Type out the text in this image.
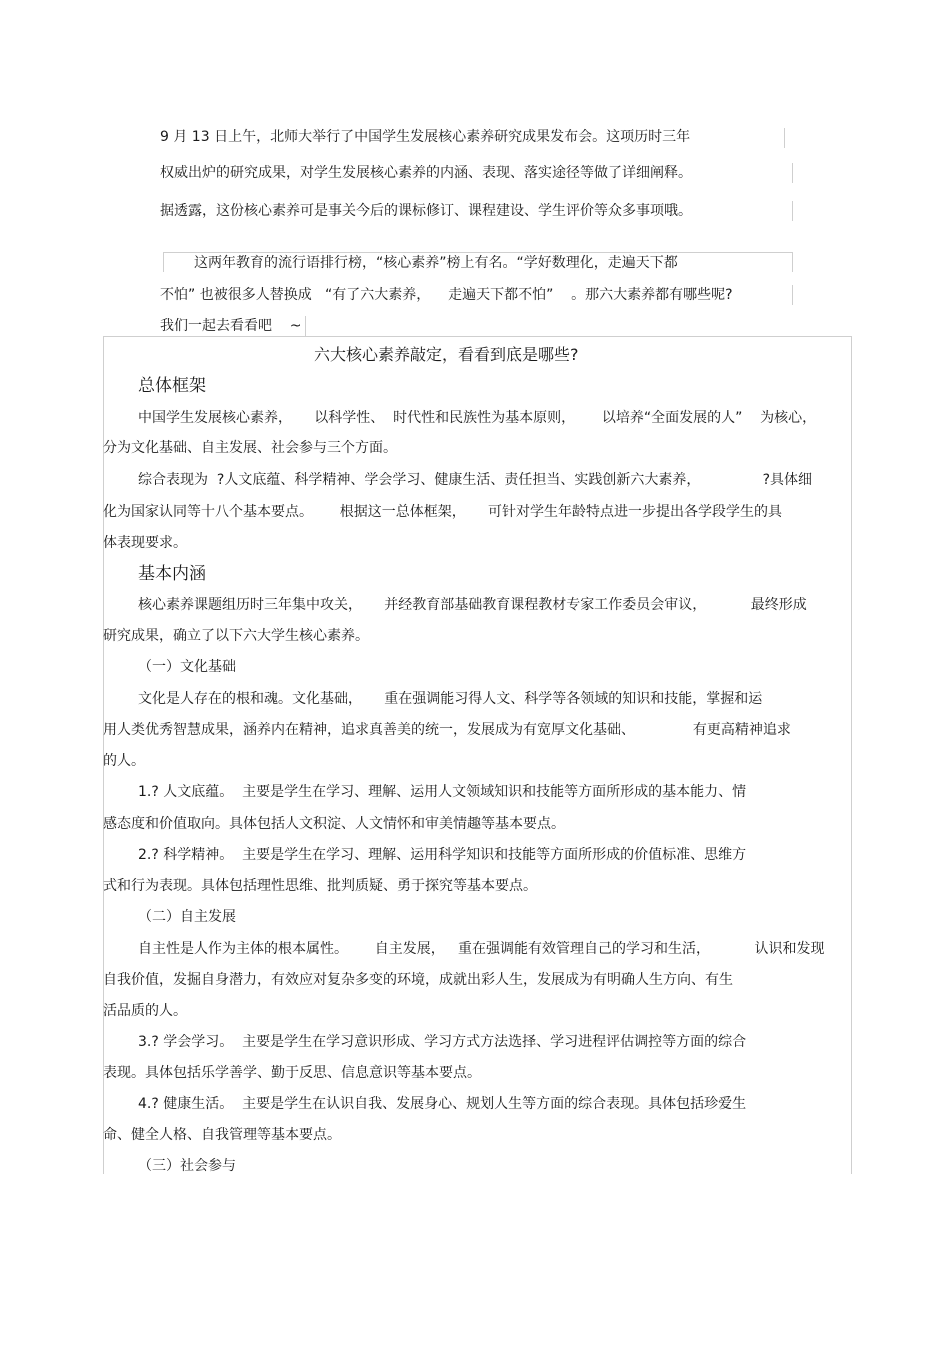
9 月 13 日上午，北师大举行了中国学生发展核心素养研究成果发布会。这项历时三年
权威出炉的研究成果，对学生发展核心素养的内涵、表现、落实途径等做了详细阐释。
据透露，这份核心素养可是事关今后的课标修订、课程建设、学生评价等众多事项哦。
这两年教育的流行语排行榜，“核心素养”榜上有名。“学好数理化，走遍天下都
不怕” 也被很多人替换成   “有了六大素养，    走遍天下都不怕”    。那六大素养都有哪些呢?
我们一起去看看吧    ~
六大核心素养敲定，看看到底是哪些?
总体框架
中国学生发展核心素养，     以科学性、  时代性和民族性为基本原则，      以培养“全面发展的人”    为核心，
分为文化基础、自主发展、社会参与三个方面。
综合表现为  ?人文底蕴、科学精神、学会学习、健康生活、责任担当、实践创新六大素养，              ?具体细
化为国家认同等十八个基本要点。      根据这一总体框架，     可针对学生年龄特点进一步提出各学段学生的具
体表现要求。
基本内涵
核心素养课题组历时三年集中攻关，     并经教育部基础教育课程教材专家工作委员会审议，          最终形成
研究成果，确立了以下六大学生核心素养。
（一）文化基础
文化是人存在的根和魂。文化基础，     重在强调能习得人文、科学等各领域的知识和技能，掌握和运
用人类优秀智慧成果，涵养内在精神，追求真善美的统一，发展成为有宽厚文化基础、             有更高精神追求
的人。
1.? 人文底蕴。  主要是学生在学习、理解、运用人文领域知识和技能等方面所形成的基本能力、情
感态度和价值取向。具体包括人文积淀、人文情怀和审美情趣等基本要点。
2.? 科学精神。  主要是学生在学习、理解、运用科学知识和技能等方面所形成的价值标准、思维方
式和行为表现。具体包括理性思维、批判质疑、勇于探究等基本要点。
（二）自主发展
自主性是人作为主体的根本属性。      自主发展，   重在强调能有效管理自己的学习和生活，          认识和发现
自我价值，发掘自身潜力，有效应对复杂多变的环境，成就出彩人生，发展成为有明确人生方向、有生
活品质的人。
3.? 学会学习。  主要是学生在学习意识形成、学习方式方法选择、学习进程评估调控等方面的综合
表现。具体包括乐学善学、勤于反思、信息意识等基本要点。
4.? 健康生活。  主要是学生在认识自我、发展身心、规划人生等方面的综合表现。具体包括珍爱生
命、健全人格、自我管理等基本要点。
（三）社会参与
